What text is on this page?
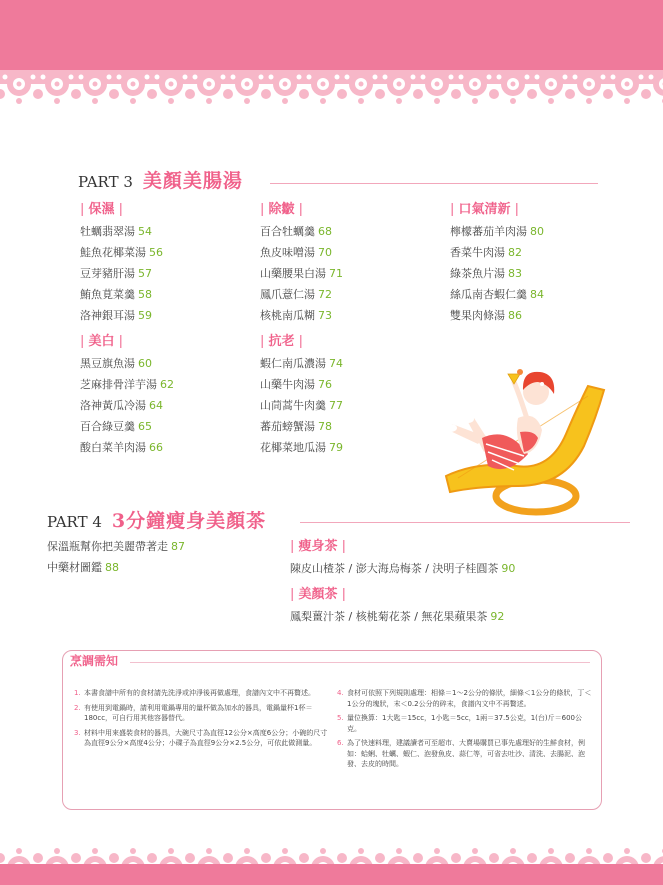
PART 3 美顏美腸湯
| 保濕 |
牡蠣翡翠湯 54
鮭魚花椰菜湯 56
豆芽豬肝湯 57
鮪魚莧菜羹 58
洛神銀耳湯 59
| 除皺 |
百合牡蠣羹 68
魚皮味噌湯 70
山藥腰果白湯 71
鳳爪薏仁湯 72
核桃南瓜糊 73
| 口氣清新 |
檸檬蕃茄羊肉湯 80
香菜牛肉湯 82
綠茶魚片湯 83
絲瓜南杏蝦仁羹 84
雙果肉條湯 86
| 美白 |
黑豆旗魚湯 60
芝麻排骨洋芋湯 62
洛神黃瓜冷湯 64
百合綠豆羹 65
酸白菜羊肉湯 66
| 抗老 |
蝦仁南瓜濃湯 74
山藥牛肉湯 76
山茼蒿牛肉羹 77
蕃茄螃蟹湯 78
花椰菜地瓜湯 79
PART 4 3分鐘瘦身美顏茶
保溫瓶幫你把美麗帶著走 87
中藥材圖鑑 88
| 瘦身茶 |
陳皮山楂茶 / 澎大海烏梅茶 / 決明子桂圓茶 90
| 美顏茶 |
鳳梨薑汁茶 / 核桃菊花茶 / 無花果蘋果茶 92
烹調需知
1. 本書食譜中所有的食材請先洗淨或沖淨後再做處理，食譜內文中不再贅述。
2. 有使用到電鍋時，請利用電鍋專用的量杯做為加水的器具，電鍋量杯1杯＝180cc，可自行用其他容器替代。
3. 材料中用來盛裝食材的器具，大碗尺寸為直徑12公分×高度6公分；小碗的尺寸為直徑9公分×高度4公分；小碟子為直徑9公分×2.5公分，可依此做測量。
4. 食材可依照下列規則處理：相條＝1～2公分的條狀，細條＜1公分的條狀，丁＜1公分的塊狀，末＜0.2公分的碎末，食譜內文中不再贅述。
5. 量位換算：1大匙＝15cc，1小匙＝5cc，1兩＝37.5公克，1(台)斤＝600公克。
6. 為了快速料理，建議讀者可至超市、大賣場購買已事先處理好的生鮮食材，例如：蛤蜊、牡蠣、蝦仁、泡發魚皮、蒜仁等，可省去吐沙、清洗、去腸泥、泡發、去皮的時間。
